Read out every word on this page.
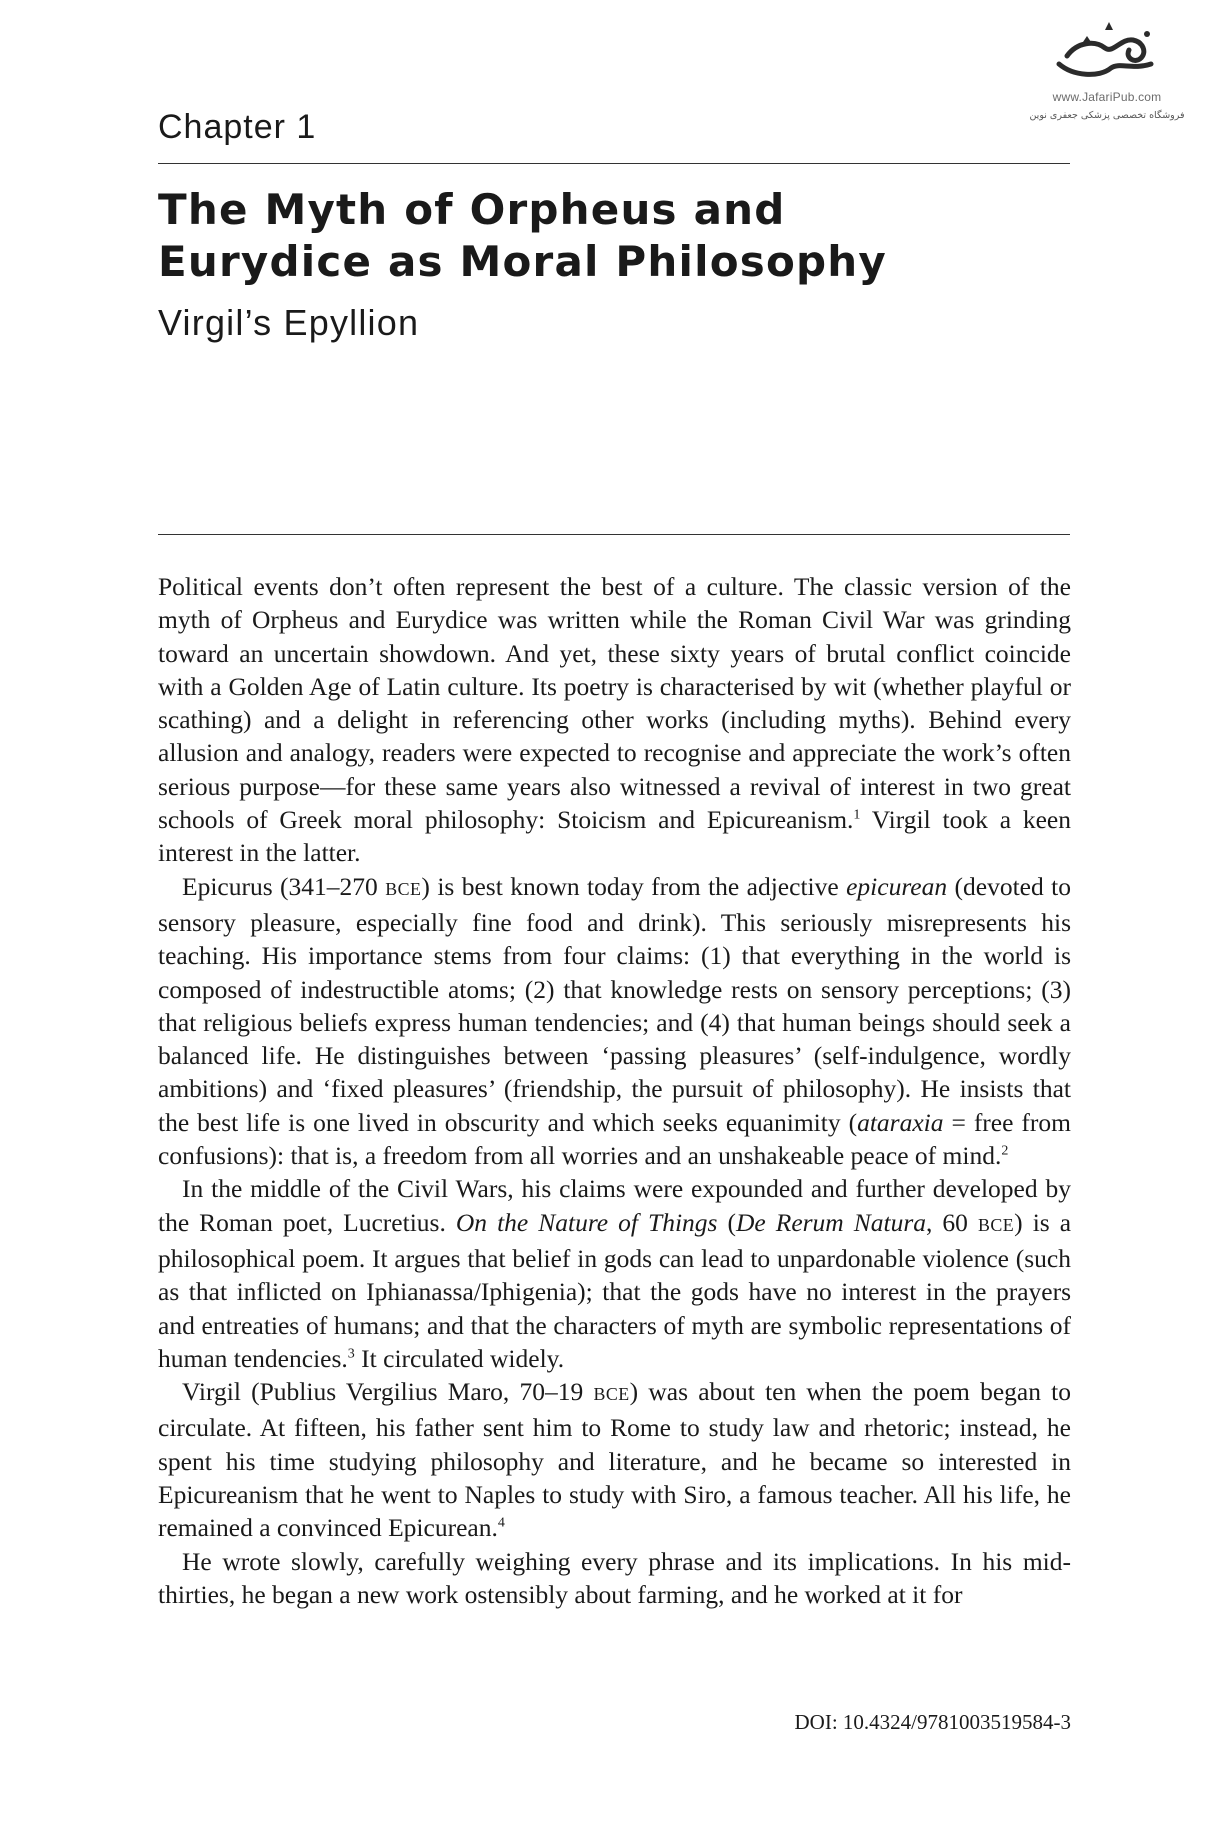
www.JafariPub.com
فروشگاه تخصصی پزشکی جعفری نوین
Chapter 1
The Myth of Orpheus and
Eurydice as Moral Philosophy
Virgil’s Epyllion

Political events don’t often represent the best of a culture. The classic version of the myth of Orpheus and Eurydice was written while the Roman Civil War was grinding toward an uncertain showdown. And yet, these sixty years of brutal conflict coincide with a Golden Age of Latin culture. Its poetry is characterised by wit (whether playful or scathing) and a delight in referencing other works (including myths). Behind every allusion and analogy, readers were expected to recognise and appreciate the work’s often serious purpose—for these same years also witnessed a revival of interest in two great schools of Greek moral philosophy: Stoicism and Epicureanism.$^1$ Virgil took a keen interest in the latter.

Epicurus (341–270 BCE) is best known today from the adjective epicurean (devoted to sensory pleasure, especially fine food and drink). This seriously misrepresents his teaching. His importance stems from four claims: (1) that everything in the world is composed of indestructible atoms; (2) that knowledge rests on sensory perceptions; (3) that religious beliefs express human tendencies; and (4) that human beings should seek a balanced life. He distinguishes between ‘passing pleasures’ (self-indulgence, wordly ambitions) and ‘fixed pleasures’ (friendship, the pursuit of philosophy). He insists that the best life is one lived in obscurity and which seeks equanimity (ataraxia = free from confusions): that is, a freedom from all worries and an unshakeable peace of mind.$^2$

In the middle of the Civil Wars, his claims were expounded and further developed by the Roman poet, Lucretius. On the Nature of Things (De Rerum Natura, 60 BCE) is a philosophical poem. It argues that belief in gods can lead to unpardonable violence (such as that inflicted on Iphianassa/Iphigenia); that the gods have no interest in the prayers and entreaties of humans; and that the characters of myth are symbolic representations of human tendencies.$^3$ It circulated widely.

Virgil (Publius Vergilius Maro, 70–19 BCE) was about ten when the poem began to circulate. At fifteen, his father sent him to Rome to study law and rhetoric; instead, he spent his time studying philosophy and literature, and he became so interested in Epicureanism that he went to Naples to study with Siro, a famous teacher. All his life, he remained a convinced Epicurean.$^4$

He wrote slowly, carefully weighing every phrase and its implications. In his mid-thirties, he began a new work ostensibly about farming, and he worked at it for

DOI: 10.4324/9781003519584-3
